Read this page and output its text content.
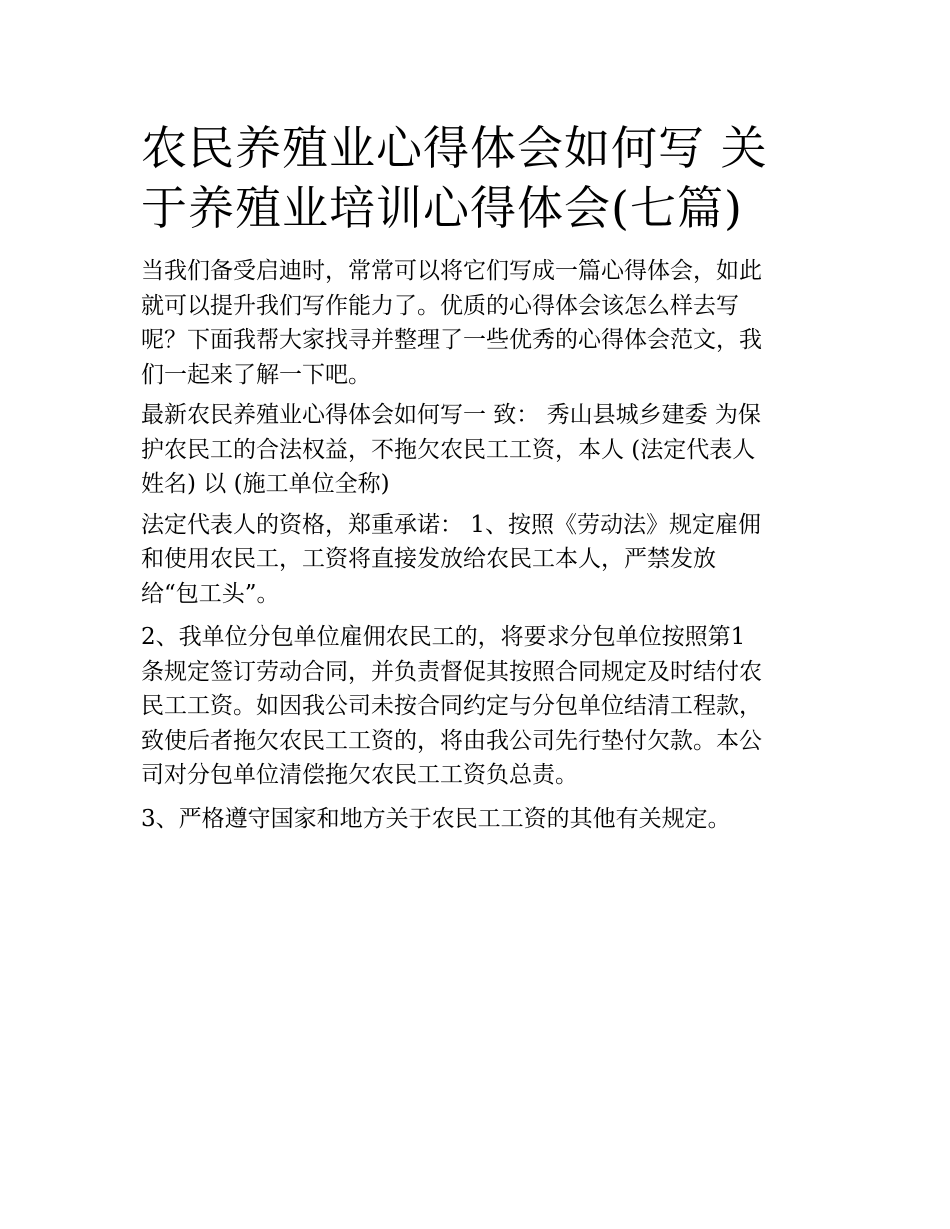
农民养殖业心得体会如何写 关
于养殖业培训心得体会(七篇)

当我们备受启迪时，常常可以将它们写成一篇心得体会，如此
就可以提升我们写作能力了。优质的心得体会该怎么样去写
呢？下面我帮大家找寻并整理了一些优秀的心得体会范文，我
们一起来了解一下吧。

最新农民养殖业心得体会如何写一 致： 秀山县城乡建委 为保
护农民工的合法权益，不拖欠农民工工资，本人 (法定代表人
姓名) 以 (施工单位全称)

法定代表人的资格，郑重承诺： 1、按照《劳动法》规定雇佣
和使用农民工，工资将直接发放给农民工本人，严禁发放
给“包工头”。

2、我单位分包单位雇佣农民工的，将要求分包单位按照第1
条规定签订劳动合同，并负责督促其按照合同规定及时结付农
民工工资。如因我公司未按合同约定与分包单位结清工程款，
致使后者拖欠农民工工资的，将由我公司先行垫付欠款。本公
司对分包单位清偿拖欠农民工工资负总责。

3、严格遵守国家和地方关于农民工工资的其他有关规定。
